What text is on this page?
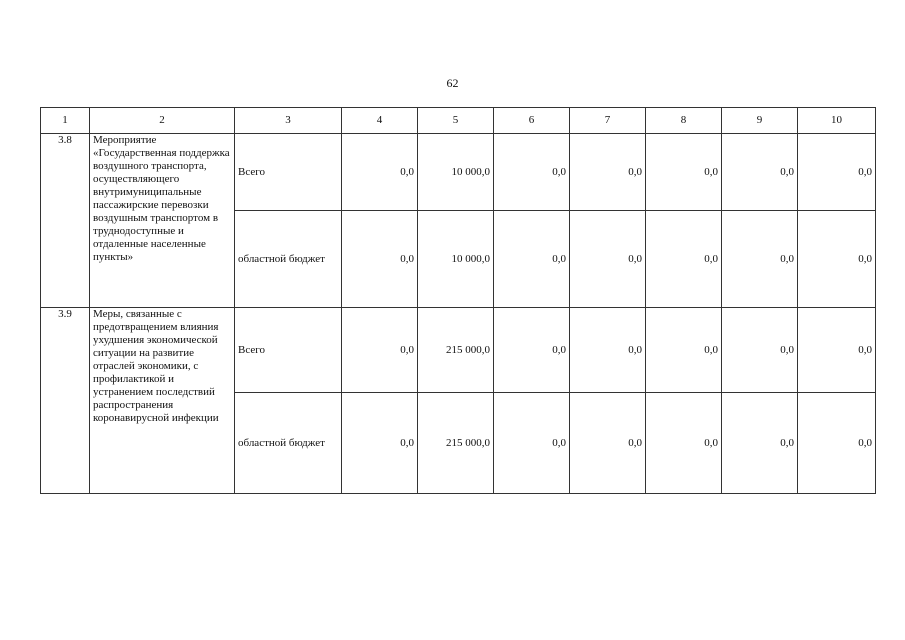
62
1	2	3	4	5	6	7	8	9	10
3.8	Мероприятие «Государственная поддержка воздушного транспорта, осуществляющего внутримуниципальные пассажирские перевозки воздушным транспортом в труднодоступные и отдаленные населенные пункты»	Всего	0,0	10 000,0	0,0	0,0	0,0	0,0	0,0
		областной бюджет	0,0	10 000,0	0,0	0,0	0,0	0,0	0,0
3.9	Меры, связанные с предотвращением влияния ухудшения экономической ситуации на развитие отраслей экономики, с профилактикой и устранением последствий распространения коронавирусной инфекции	Всего	0,0	215 000,0	0,0	0,0	0,0	0,0	0,0
		областной бюджет	0,0	215 000,0	0,0	0,0	0,0	0,0	0,0
